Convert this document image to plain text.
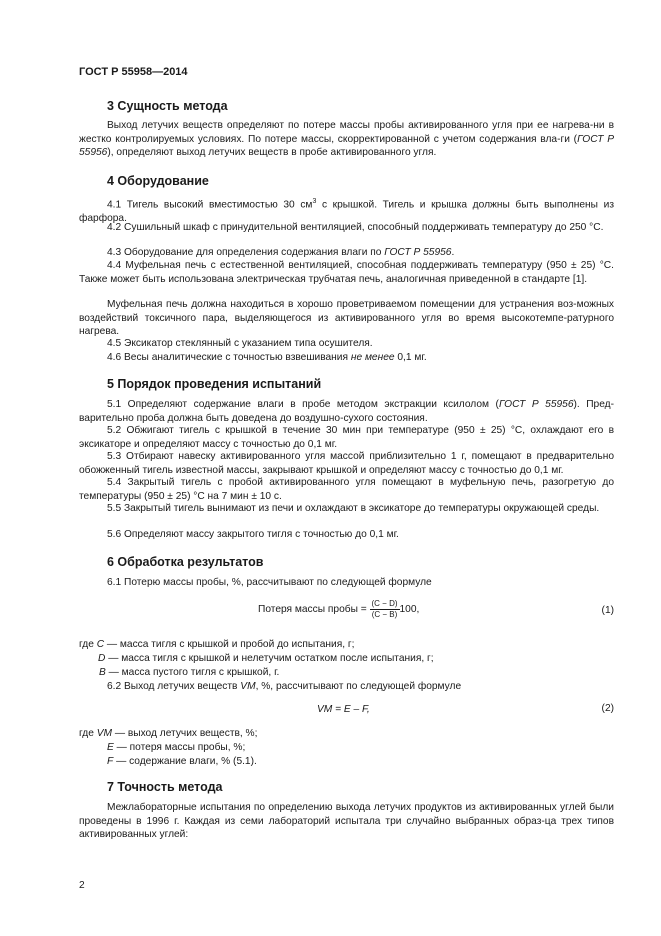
ГОСТ Р 55958—2014
3 Сущность метода
Выход летучих веществ определяют по потере массы пробы активированного угля при ее нагрева-ни в жестко контролируемых условиях. По потере массы, скорректированной с учетом содержания вла-ги (ГОСТ Р 55956), определяют выход летучих веществ в пробе активированного угля.
4 Оборудование
4.1 Тигель высокий вместимостью 30 $см^3$ с крышкой. Тигель и крышка должны быть выполнены из фарфора.
4.2 Сушильный шкаф с принудительной вентиляцией, способный поддерживать температуру до 250 °С.
4.3 Оборудование для определения содержания влаги по ГОСТ Р 55956.
4.4 Муфельная печь с естественной вентиляцией, способная поддерживать температуру (950 ± 25) °С. Также может быть использована электрическая трубчатая печь, аналогичная приведенной в стандарте [1].
Муфельная печь должна находиться в хорошо проветриваемом помещении для устранения воз-можных воздействий токсичного пара, выделяющегося из активированного угля во время высокотемпе-ратурного нагрева.
4.5 Эксикатор стеклянный с указанием типа осушителя.
4.6 Весы аналитические с точностью взвешивания не менее 0,1 мг.
5 Порядок проведения испытаний
5.1 Определяют содержание влаги в пробе методом экстракции ксилолом (ГОСТ Р 55956). Пред-варительно проба должна быть доведена до воздушно-сухого состояния.
5.2 Обжигают тигель с крышкой в течение 30 мин при температуре (950 ± 25) °С, охлаждают его в эксикаторе и определяют массу с точностью до 0,1 мг.
5.3 Отбирают навеску активированного угля массой приблизительно 1 г, помещают в предварительно обожженный тигель известной массы, закрывают крышкой и определяют массу с точностью до 0,1 мг.
5.4 Закрытый тигель с пробой активированного угля помещают в муфельную печь, разогретую до температуры (950 ± 25) °С на 7 мин ± 10 с.
5.5 Закрытый тигель вынимают из печи и охлаждают в эксикаторе до температуры окружающей среды.
5.6 Определяют массу закрытого тигля с точностью до 0,1 мг.
6 Обработка результатов
6.1 Потерю массы пробы, %, рассчитывают по следующей формуле
Потеря массы пробы = $\frac{(C - D)}{(C - B)} 100$,	(1)
где С — масса тигля с крышкой и пробой до испытания, г;
D — масса тигля с крышкой и нелетучим остатком после испытания, г;
В — масса пустого тигля с крышкой, г.
6.2 Выход летучих веществ VM, %, рассчитывают по следующей формуле
VM = E – F,	(2)
где VM — выход летучих веществ, %;
E — потеря массы пробы, %;
F — содержание влаги, % (5.1).
7 Точность метода
Межлабораторные испытания по определению выхода летучих продуктов из активированных углей были проведены в 1996 г. Каждая из семи лабораторий испытала три случайно выбранных образ-ца трех типов активированных углей:
2
